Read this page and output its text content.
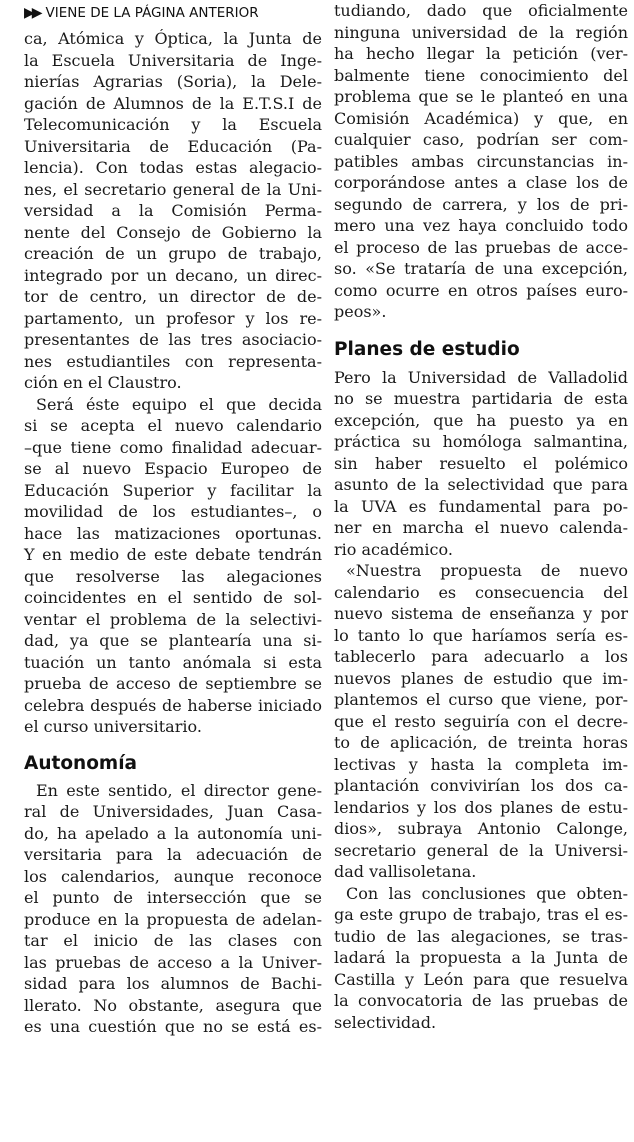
▶▶ VIENE DE LA PÁGINA ANTERIOR
ca, Atómica y Óptica, la Junta de
la Escuela Universitaria de Inge-
nierías Agrarias (Soria), la Dele-
gación de Alumnos de la E.T.S.I de
Telecomunicación y la Escuela
Universitaria de Educación (Pa-
lencia). Con todas estas alegacio-
nes, el secretario general de la Uni-
versidad a la Comisión Perma-
nente del Consejo de Gobierno la
creación de un grupo de trabajo,
integrado por un decano, un direc-
tor de centro, un director de de-
partamento, un profesor y los re-
presentantes de las tres asociacio-
nes estudiantiles con representa-
ción en el Claustro.
Será éste equipo el que decida
si se acepta el nuevo calendario
–que tiene como finalidad adecuar-
se al nuevo Espacio Europeo de
Educación Superior y facilitar la
movilidad de los estudiantes–, o
hace las matizaciones oportunas.
Y en medio de este debate tendrán
que resolverse las alegaciones
coincidentes en el sentido de sol-
ventar el problema de la selectivi-
dad, ya que se plantearía una si-
tuación un tanto anómala si esta
prueba de acceso de septiembre se
celebra después de haberse iniciado
el curso universitario.
Autonomía
En este sentido, el director gene-
ral de Universidades, Juan Casa-
do, ha apelado a la autonomía uni-
versitaria para la adecuación de
los calendarios, aunque reconoce
el punto de intersección que se
produce en la propuesta de adelan-
tar el inicio de las clases con
las pruebas de acceso a la Univer-
sidad para los alumnos de Bachi-
llerato. No obstante, asegura que
es una cuestión que no se está es-
tudiando, dado que oficialmente
ninguna universidad de la región
ha hecho llegar la petición (ver-
balmente tiene conocimiento del
problema que se le planteó en una
Comisión Académica) y que, en
cualquier caso, podrían ser com-
patibles ambas circunstancias in-
corporándose antes a clase los de
segundo de carrera, y los de pri-
mero una vez haya concluido todo
el proceso de las pruebas de acce-
so. «Se trataría de una excepción,
como ocurre en otros países euro-
peos».
Planes de estudio
Pero la Universidad de Valladolid
no se muestra partidaria de esta
excepción, que ha puesto ya en
práctica su homóloga salmantina,
sin haber resuelto el polémico
asunto de la selectividad que para
la UVA es fundamental para po-
ner en marcha el nuevo calenda-
rio académico.
«Nuestra propuesta de nuevo
calendario es consecuencia del
nuevo sistema de enseñanza y por
lo tanto lo que haríamos sería es-
tablecerlo para adecuarlo a los
nuevos planes de estudio que im-
plantemos el curso que viene, por-
que el resto seguiría con el decre-
to de aplicación, de treinta horas
lectivas y hasta la completa im-
plantación convivirían los dos ca-
lendarios y los dos planes de estu-
dios», subraya Antonio Calonge,
secretario general de la Universi-
dad vallisoletana.
Con las conclusiones que obten-
ga este grupo de trabajo, tras el es-
tudio de las alegaciones, se tras-
ladará la propuesta a la Junta de
Castilla y León para que resuelva
la convocatoria de las pruebas de
selectividad.
